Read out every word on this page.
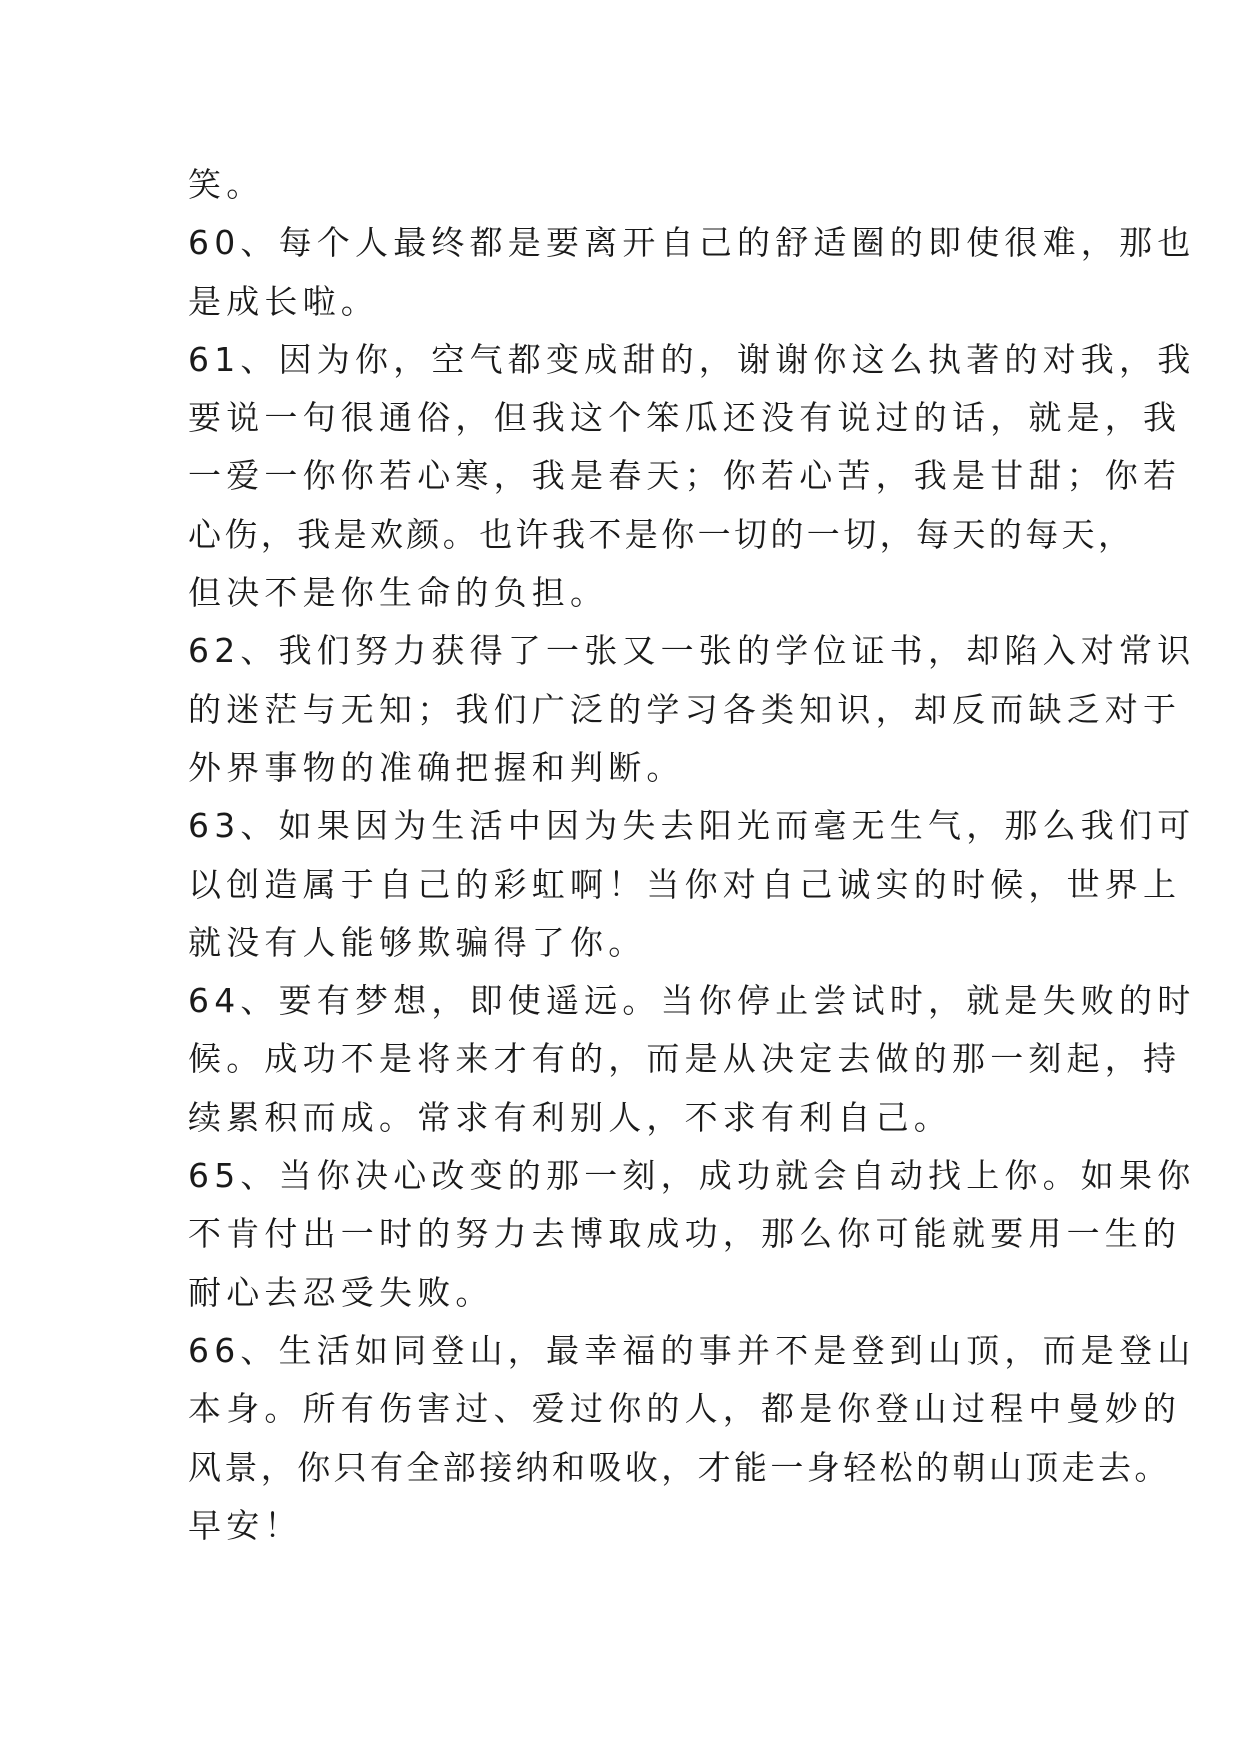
笑。
60、每个人最终都是要离开自己的舒适圈的即使很难，那也
是成长啦。
61、因为你，空气都变成甜的，谢谢你这么执著的对我，我
要说一句很通俗，但我这个笨瓜还没有说过的话，就是，我
一爱一你你若心寒，我是春天；你若心苦，我是甘甜；你若
心伤，我是欢颜。也许我不是你一切的一切，每天的每天，
但决不是你生命的负担。
62、我们努力获得了一张又一张的学位证书，却陷入对常识
的迷茫与无知；我们广泛的学习各类知识，却反而缺乏对于
外界事物的准确把握和判断。
63、如果因为生活中因为失去阳光而毫无生气，那么我们可
以创造属于自己的彩虹啊！当你对自己诚实的时候，世界上
就没有人能够欺骗得了你。
64、要有梦想，即使遥远。当你停止尝试时，就是失败的时
候。成功不是将来才有的，而是从决定去做的那一刻起，持
续累积而成。常求有利别人，不求有利自己。
65、当你决心改变的那一刻，成功就会自动找上你。如果你
不肯付出一时的努力去博取成功，那么你可能就要用一生的
耐心去忍受失败。
66、生活如同登山，最幸福的事并不是登到山顶，而是登山
本身。所有伤害过、爱过你的人，都是你登山过程中曼妙的
风景，你只有全部接纳和吸收，才能一身轻松的朝山顶走去。
早安！
